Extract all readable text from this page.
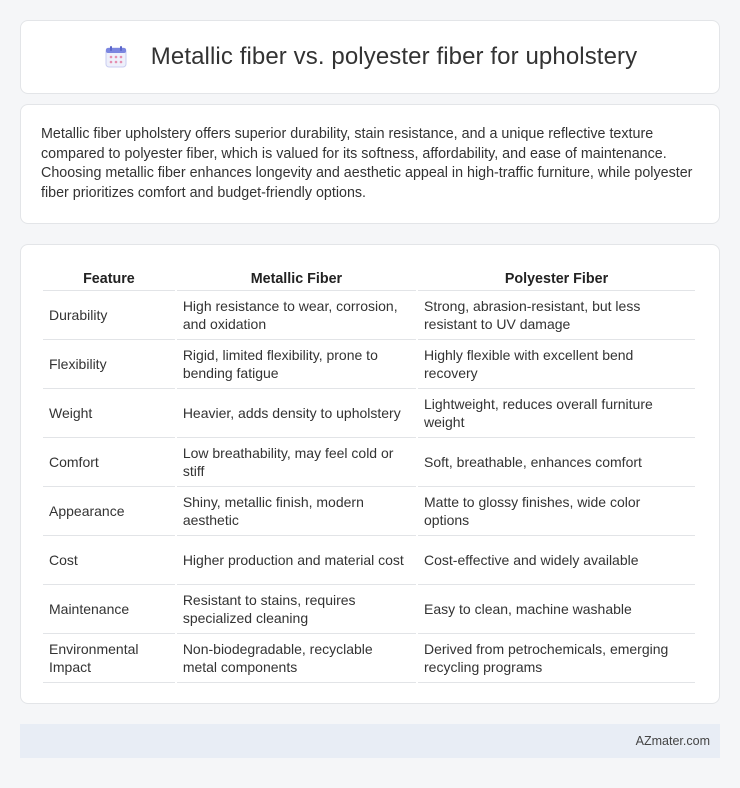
Metallic fiber vs. polyester fiber for upholstery

Metallic fiber upholstery offers superior durability, stain resistance, and a unique reflective texture compared to polyester fiber, which is valued for its softness, affordability, and ease of maintenance. Choosing metallic fiber enhances longevity and aesthetic appeal in high-traffic furniture, while polyester fiber prioritizes comfort and budget-friendly options.

Feature	Metallic Fiber	Polyester Fiber
Durability	High resistance to wear, corrosion, and oxidation	Strong, abrasion-resistant, but less resistant to UV damage
Flexibility	Rigid, limited flexibility, prone to bending fatigue	Highly flexible with excellent bend recovery
Weight	Heavier, adds density to upholstery	Lightweight, reduces overall furniture weight
Comfort	Low breathability, may feel cold or stiff	Soft, breathable, enhances comfort
Appearance	Shiny, metallic finish, modern aesthetic	Matte to glossy finishes, wide color options
Cost	Higher production and material cost	Cost-effective and widely available
Maintenance	Resistant to stains, requires specialized cleaning	Easy to clean, machine washable
Environmental Impact	Non-biodegradable, recyclable metal components	Derived from petrochemicals, emerging recycling programs
AZmater.com
